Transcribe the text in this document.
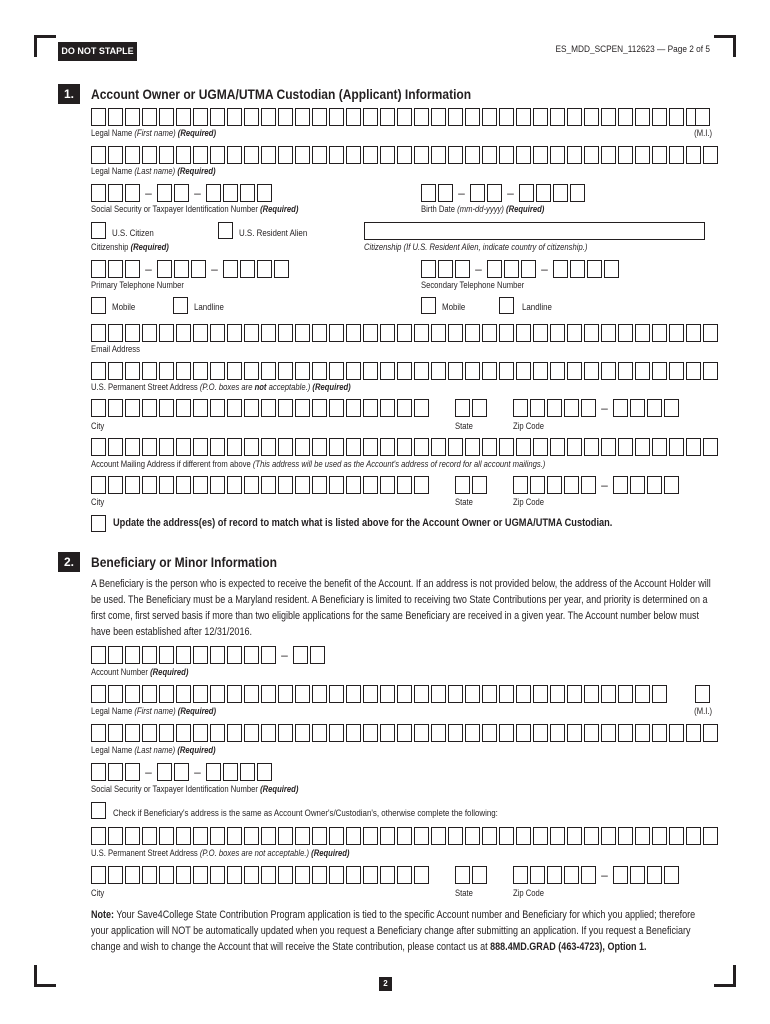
DO NOT STAPLE	ES_MDD_SCPEN_112623 — Page 2 of 5
1.	Account Owner or UGMA/UTMA Custodian (Applicant) Information
Legal Name (First name) (Required)	(M.I.)
Legal Name (Last name) (Required)
–	–	–	–
Social Security or Taxpayer Identification Number (Required)	Birth Date (mm-dd-yyyy) (Required)
U.S. Citizen	U.S. Resident Alien
Citizenship (Required)	Citizenship (If U.S. Resident Alien, indicate country of citizenship.)
–	–	–	–
Primary Telephone Number	Secondary Telephone Number
Mobile	Landline	Mobile	Landline
Email Address
U.S. Permanent Street Address (P.O. boxes are not acceptable.) (Required)
–
City	State	Zip Code
Account Mailing Address if different from above (This address will be used as the Account's address of record for all account mailings.)
–
City	State	Zip Code
Update the address(es) of record to match what is listed above for the Account Owner or UGMA/UTMA Custodian.
2.	Beneficiary or Minor Information
A Beneficiary is the person who is expected to receive the benefit of the Account. If an address is not provided below, the address of the Account Holder will be used. The Beneficiary must be a Maryland resident. A Beneficiary is limited to receiving two State Contributions per year, and priority is determined on a first come, first served basis if more than two eligible applications for the same Beneficiary are received in a given year. The Account number below must have been established after 12/31/2016.
–
Account Number (Required)
Legal Name (First name) (Required)	(M.I.)
Legal Name (Last name) (Required)
–	–
Social Security or Taxpayer Identification Number (Required)
Check if Beneficiary's address is the same as Account Owner's/Custodian's, otherwise complete the following:
U.S. Permanent Street Address (P.O. boxes are not acceptable.) (Required)
–
City	State	Zip Code
Note: Your Save4College State Contribution Program application is tied to the specific Account number and Beneficiary for which you applied; therefore your application will NOT be automatically updated when you request a Beneficiary change after submitting an application. If you request a Beneficiary change and wish to change the Account that will receive the State contribution, please contact us at 888.4MD.GRAD (463-4723), Option 1.
2
